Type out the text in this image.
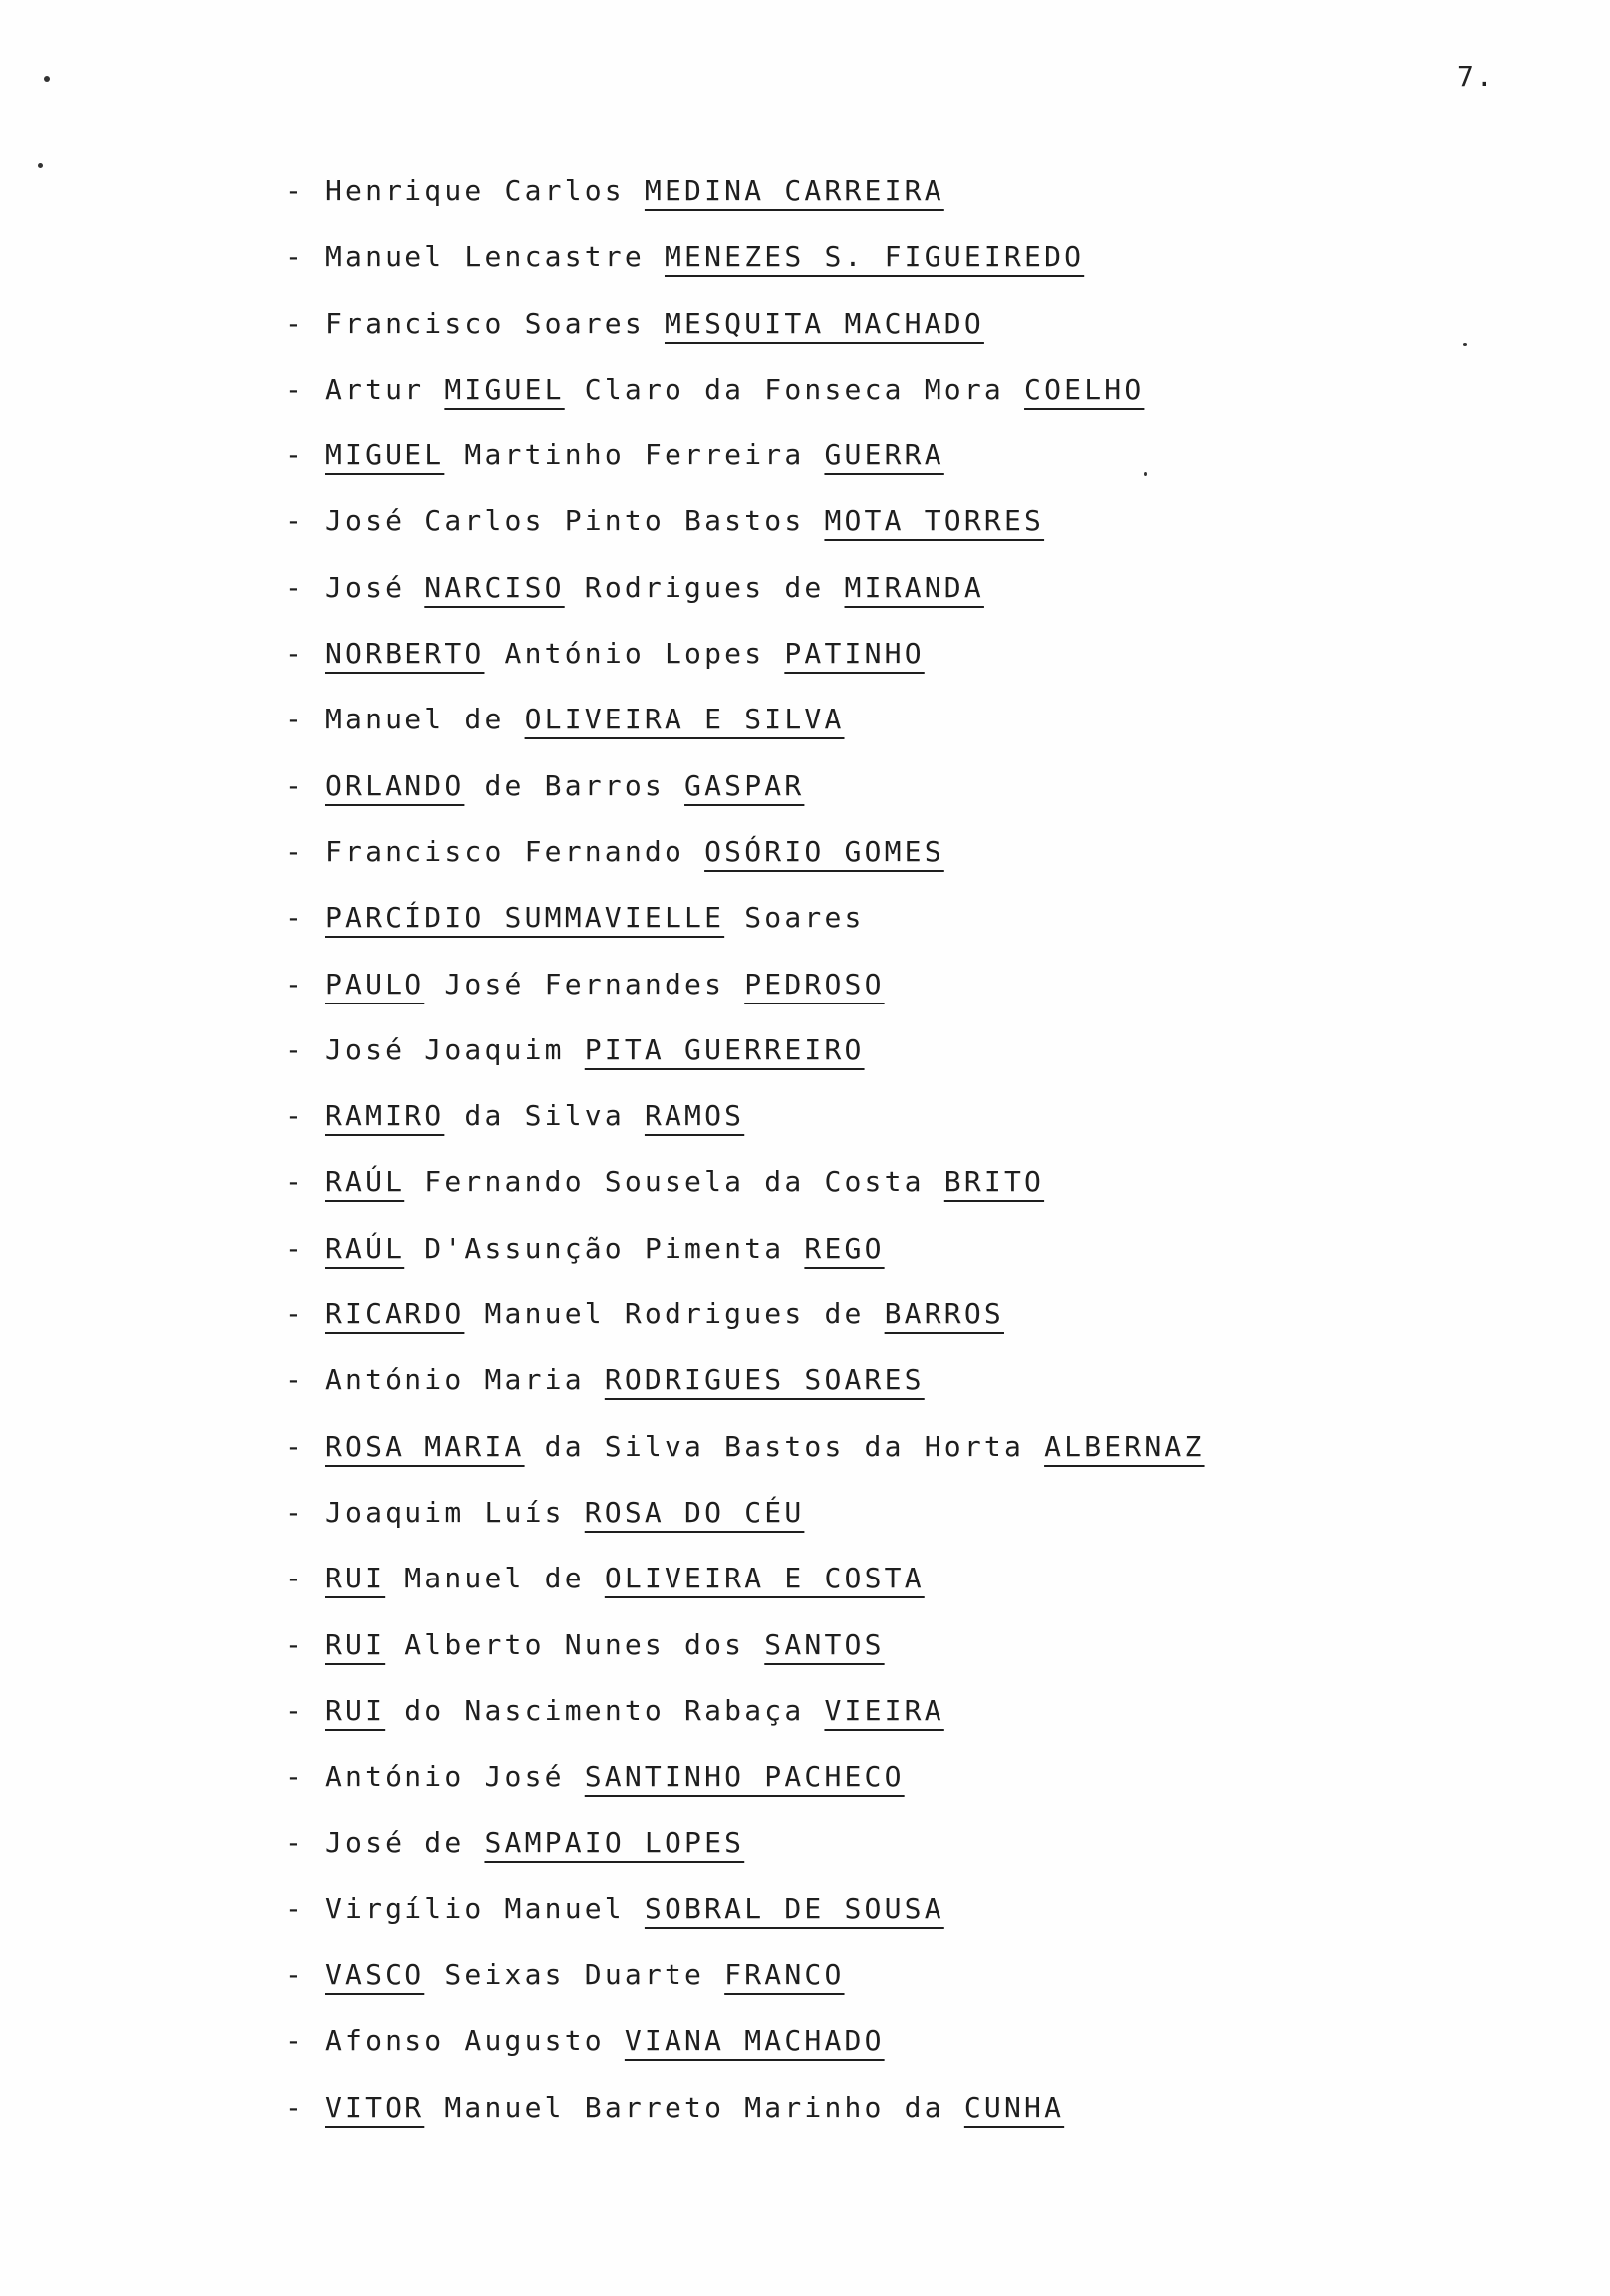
7.
- Henrique Carlos MEDINA CARREIRA
- Manuel Lencastre MENEZES S. FIGUEIREDO
- Francisco Soares MESQUITA MACHADO
- Artur MIGUEL Claro da Fonseca Mora COELHO
- MIGUEL Martinho Ferreira GUERRA
- José Carlos Pinto Bastos MOTA TORRES
- José NARCISO Rodrigues de MIRANDA
- NORBERTO António Lopes PATINHO
- Manuel de OLIVEIRA E SILVA
- ORLANDO de Barros GASPAR
- Francisco Fernando OSÓRIO GOMES
- PARCÍDIO SUMMAVIELLE Soares
- PAULO José Fernandes PEDROSO
- José Joaquim PITA GUERREIRO
- RAMIRO da Silva RAMOS
- RAÚL Fernando Sousela da Costa BRITO
- RAÚL D'Assunção Pimenta REGO
- RICARDO Manuel Rodrigues de BARROS
- António Maria RODRIGUES SOARES
- ROSA MARIA da Silva Bastos da Horta ALBERNAZ
- Joaquim Luís ROSA DO CÉU
- RUI Manuel de OLIVEIRA E COSTA
- RUI Alberto Nunes dos SANTOS
- RUI do Nascimento Rabaça VIEIRA
- António José SANTINHO PACHECO
- José de SAMPAIO LOPES
- Virgílio Manuel SOBRAL DE SOUSA
- VASCO Seixas Duarte FRANCO
- Afonso Augusto VIANA MACHADO
- VITOR Manuel Barreto Marinho da CUNHA
